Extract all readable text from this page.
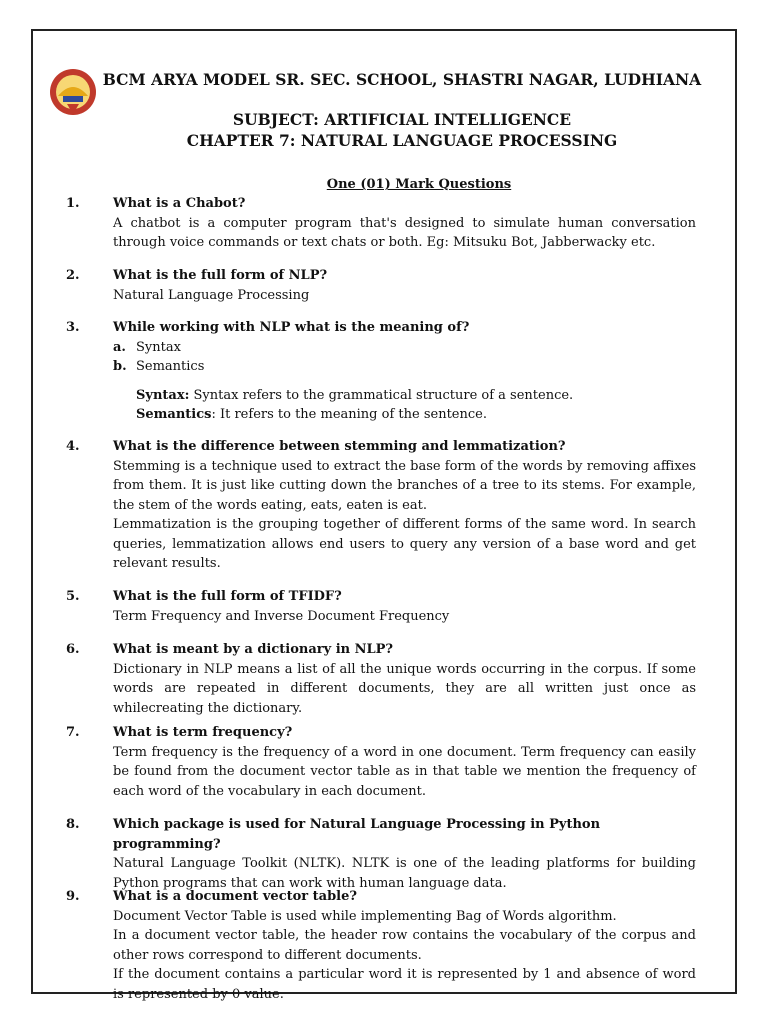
BCM ARYA MODEL SR. SEC. SCHOOL, SHASTRI NAGAR, LUDHIANA
SUBJECT: ARTIFICIAL INTELLIGENCE
CHAPTER 7: NATURAL LANGUAGE PROCESSING
One (01) Mark Questions
1.	What is a Chabot?

A chatbot is a computer program that's designed to simulate human conversation through voice commands or text chats or both. Eg: Mitsuku Bot, Jabberwacky etc.

2.	What is the full form of NLP?

Natural Language Processing

3.	While working with NLP what is the meaning of?
a. Syntax
b. Semantics
Syntax: Syntax refers to the grammatical structure of a sentence.
Semantics: It refers to the meaning of the sentence.
4.	What is the difference between stemming and lemmatization?

Stemming is a technique used to extract the base form of the words by removing affixes from them. It is just like cutting down the branches of a tree to its stems. For example, the stem of the words eating, eats, eaten is eat.

Lemmatization is the grouping together of different forms of the same word. In search queries, lemmatization allows end users to query any version of a base word and get relevant results.

5.	What is the full form of TFIDF?

Term Frequency and Inverse Document Frequency

6.	What is meant by a dictionary in NLP?

Dictionary in NLP means a list of all the unique words occurring in the corpus. If some words are repeated in different documents, they are all written just once as whilecreating the dictionary.

7.	What is term frequency?

Term frequency is the frequency of a word in one document. Term frequency can easily be found from the document vector table as in that table we mention the frequency of each word of the vocabulary in each document.

8.	Which package is used for Natural Language Processing in Python programming?

Natural Language Toolkit (NLTK). NLTK is one of the leading platforms for building Python programs that can work with human language data.

9.	What is a document vector table?

Document Vector Table is used while implementing Bag of Words algorithm.

In a document vector table, the header row contains the vocabulary of the corpus and other rows correspond to different documents.

If the document contains a particular word it is represented by 1 and absence of word is represented by 0 value.
